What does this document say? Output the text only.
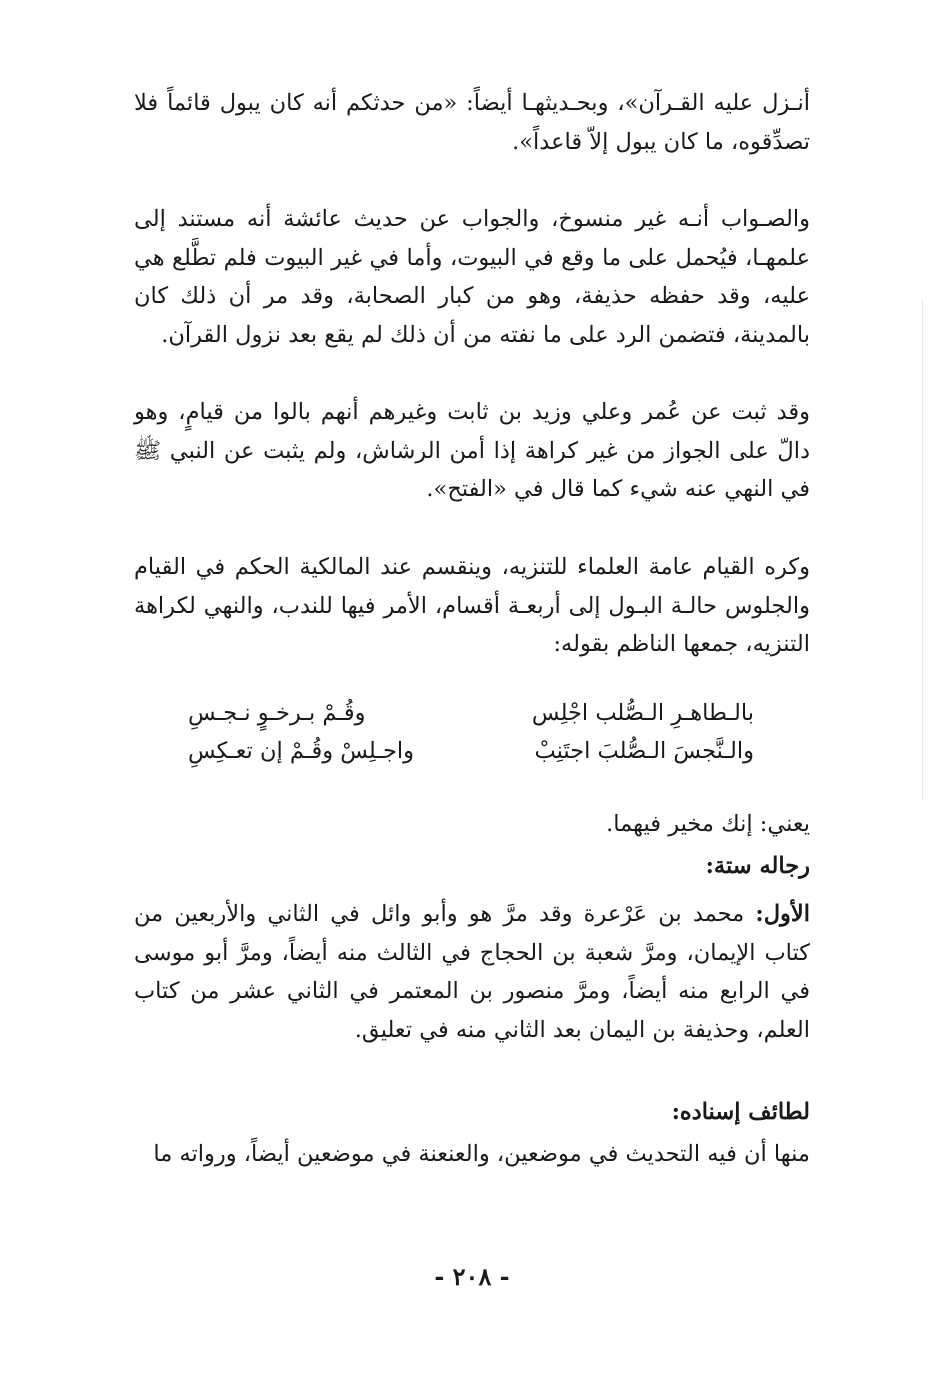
أنـزل عليه القـرآن»، وبحـديثهـا أيضاً: «من حدثكم أنه كان يبول قائماً فلا تصدِّقوه، ما كان يبول إلاّ قاعداً».

والصـواب أنـه غير منسوخ، والجواب عن حديث عائشة أنه مستند إلى علمهـا، فيُحمل على ما وقع في البيوت، وأما في غير البيوت فلم تطَّلع هي عليه، وقد حفظه حذيفة، وهو من كبار الصحابة، وقد مر أن ذلك كان بالمدينة، فتضمن الرد على ما نفته من أن ذلك لم يقع بعد نزول القرآن.

وقد ثبت عن عُمر وعلي وزيد بن ثابت وغيرهم أنهم بالوا من قيامٍ، وهو دالّ على الجواز من غير كراهة إذا أمن الرشاش، ولم يثبت عن النبي ﷺ في النهي عنه شيء كما قال في «الفتح».

وكره القيام عامة العلماء للتنزيه، وينقسم عند المالكية الحكم في القيام والجلوس حالـة البـول إلى أربعـة أقسام، الأمر فيها للندب، والنهي لكراهة التنزيه، جمعها الناظم بقوله:

بالـطاهـرِ الـصُّلب اجْلِس
وقُـمْ بـرخـوٍ نـجـسِ
والـنَّجسَ الـصُّلبَ اجتَنِبْ
واجـلِسْ وقُـمْ إن تعـكِسِ

يعني: إنك مخير فيهما.

رجاله ستة:

الأول: محمد بن عَرْعرة وقد مرَّ هو وأبو وائل في الثاني والأربعين من كتاب الإيمان، ومرَّ شعبة بن الحجاج في الثالث منه أيضاً، ومرَّ أبو موسى في الرابع منه أيضاً، ومرَّ منصور بن المعتمر في الثاني عشر من كتاب العلم، وحذيفة بن اليمان بعد الثاني منه في تعليق.

لطائف إسناده:

منها أن فيه التحديث في موضعين، والعنعنة في موضعين أيضاً، ورواته ما

- ٢٠٨ -
